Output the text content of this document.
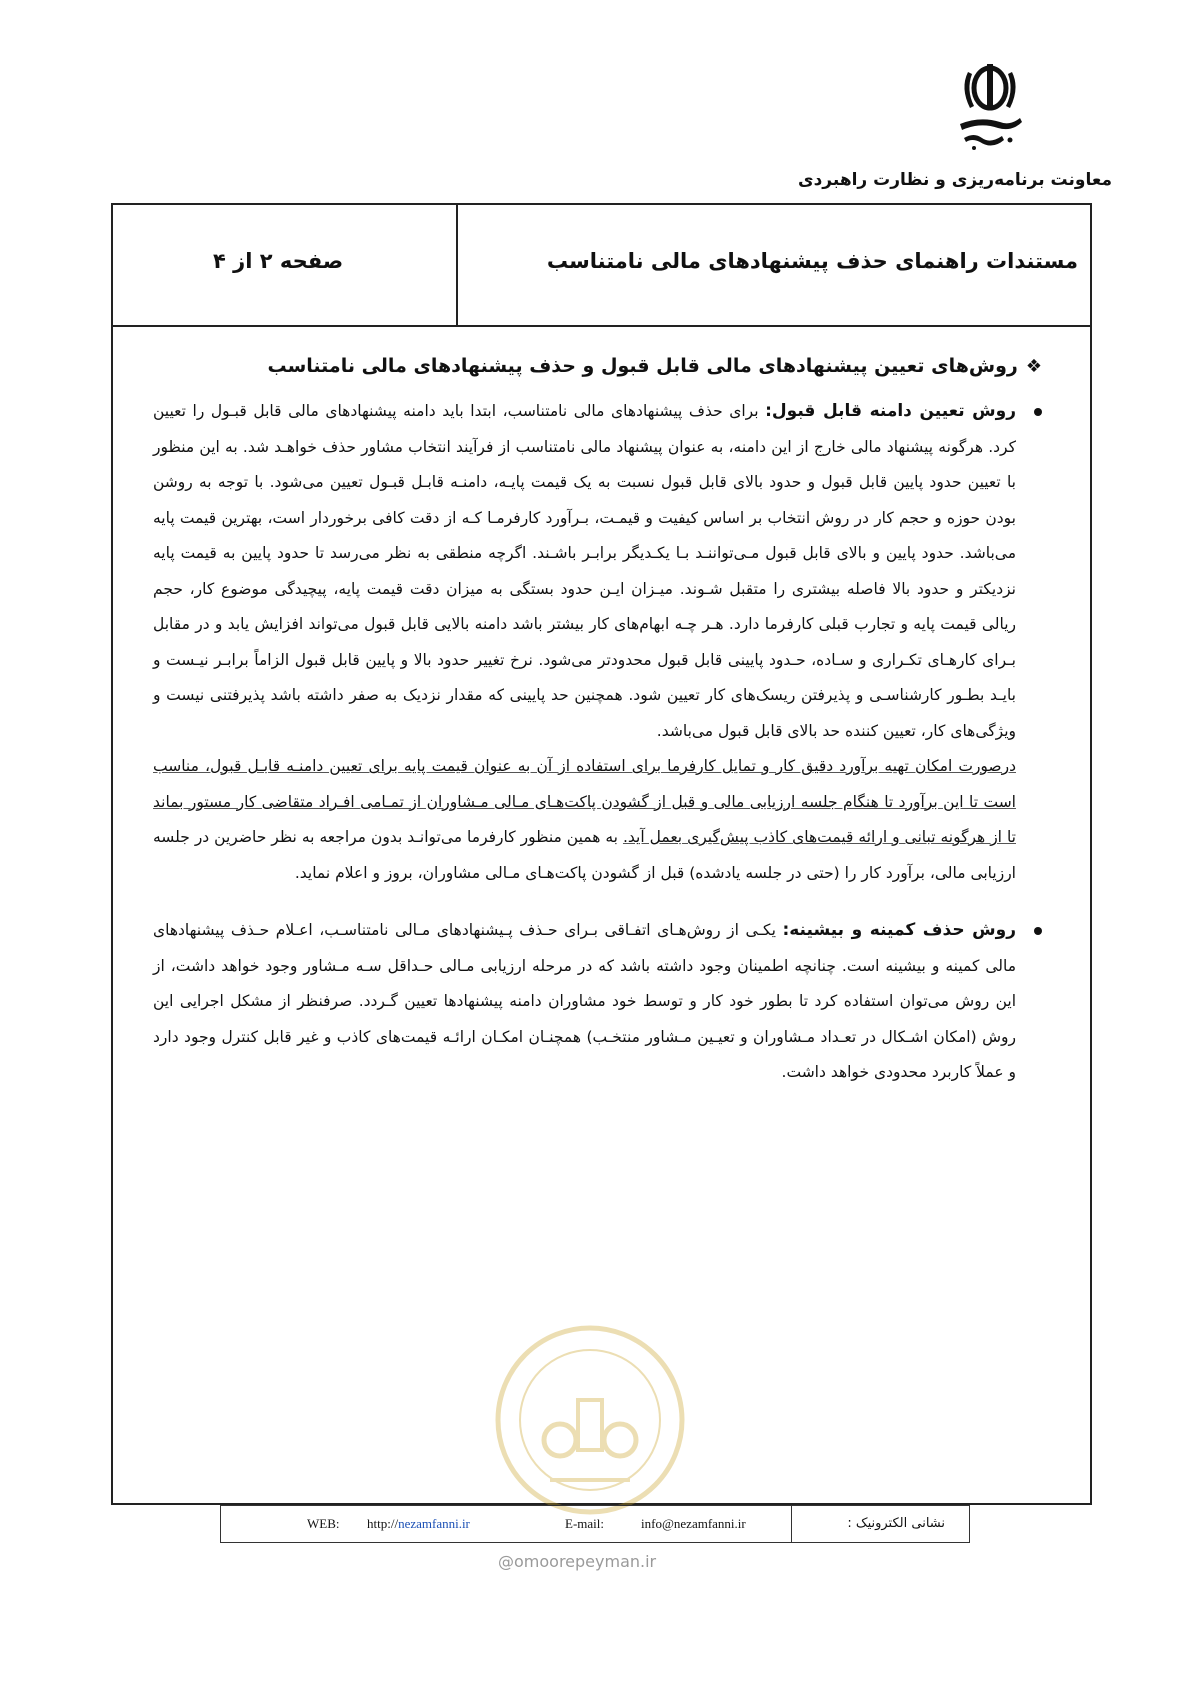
معاونت برنامه‌ریزی و نظارت راهبردی
مستندات راهنمای حذف پیشنهادهای مالی نامتناسب
صفحه ۲ از ۴
❖روش‌های تعیین پیشنهادهای مالی قابل قبول و حذف پیشنهادهای مالی نامتناسب

روش تعیین دامنه قابل قبول: برای حذف پیشنهادهای مالی نامتناسب، ابتدا باید دامنه پیشنهادهای مالی قابل قبـول را تعیین کرد. هرگونه پیشنهاد مالی خارج از این دامنه، به عنوان پیشنهاد مالی نامتناسب از فرآیند انتخاب مشاور حذف خواهـد شد. به این منظور با تعیین حدود پایین قابل قبول و حدود بالای قابل قبول نسبت به یک قیمت پایـه، دامنـه قابـل قبـول تعیین می‌شود. با توجه به روشن بودن حوزه و حجم کار در روش انتخاب بر اساس کیفیت و قیمـت، بـرآورد کارفرمـا کـه از دقت کافی برخوردار است، بهترین قیمت پایه می‌باشد. حدود پایین و بالای قابل قبول مـی‌تواننـد بـا یکـدیگر برابـر باشـند. اگرچه منطقی به نظر می‌رسد تا حدود پایین به قیمت پایه نزدیکتر و حدود بالا فاصله بیشتری را متقبل شـوند. میـزان ایـن حدود بستگی به میزان دقت قیمت پایه، پیچیدگی موضوع کار، حجم ریالی قیمت پایه و تجارب قبلی کارفرما دارد. هـر چـه ابهام‌های کار بیشتر باشد دامنه بالایی قابل قبول می‌تواند افزایش یابد و در مقابل بـرای کارهـای تکـراری و سـاده، حـدود پایینی قابل قبول محدودتر می‌شود. نرخ تغییر حدود بالا و پایین قابل قبول الزاماً برابـر نیـست و بایـد بطـور کارشناسـی و پذیرفتن ریسک‌های کار تعیین شود. همچنین حد پایینی که مقدار نزدیک به صفر داشته باشد پذیرفتنی نیست و ویژگی‌های کار، تعیین کننده حد بالای قابل قبول می‌باشد.

درصورت امکان تهیه برآورد دقیق کار و تمایل کارفرما برای استفاده از آن به عنوان قیمت پایه برای تعیین دامنـه قابـل قبول، مناسب است تا این برآورد تا هنگام جلسه ارزیابی مالی و قبل از گشودن پاکت‌هـای مـالی مـشاوران از تمـامی افـراد متقاضی کار مستور بماند تا از هرگونه تبانی و ارائه قیمت‌های کاذب پیش‌گیری بعمل آید. به همین منظور کارفرما می‌توانـد بدون مراجعه به نظر حاضرین در جلسه ارزیابی مالی، برآورد کار را (حتی در جلسه یادشده) قبل از گشودن پاکت‌هـای مـالی مشاوران، بروز و اعلام نماید.

روش حذف کمینه و بیشینه: یکـی از روش‌هـای اتفـاقی بـرای حـذف پـیشنهادهای مـالی نامتناسـب، اعـلام حـذف پیشنهادهای مالی کمینه و بیشینه است. چنانچه اطمینان وجود داشته باشد که در مرحله ارزیابی مـالی حـداقل سـه مـشاور وجود خواهد داشت، از این روش می‌توان استفاده کرد تا بطور خود کار و توسط خود مشاوران دامنه پیشنهادها تعیین گـردد. صرفنظر از مشکل اجرایی این روش (امکان اشـکال در تعـداد مـشاوران و تعیـین مـشاور منتخـب) همچنـان امکـان ارائـه قیمت‌های کاذب و غیر قابل کنترل وجود دارد و عملاً کاربرد محدودی خواهد داشت.

نشانی الکترونیک :
E-mail:	info@nezamfanni.ir
WEB: http://nezamfanni.ir
@omoorepeyman.ir
